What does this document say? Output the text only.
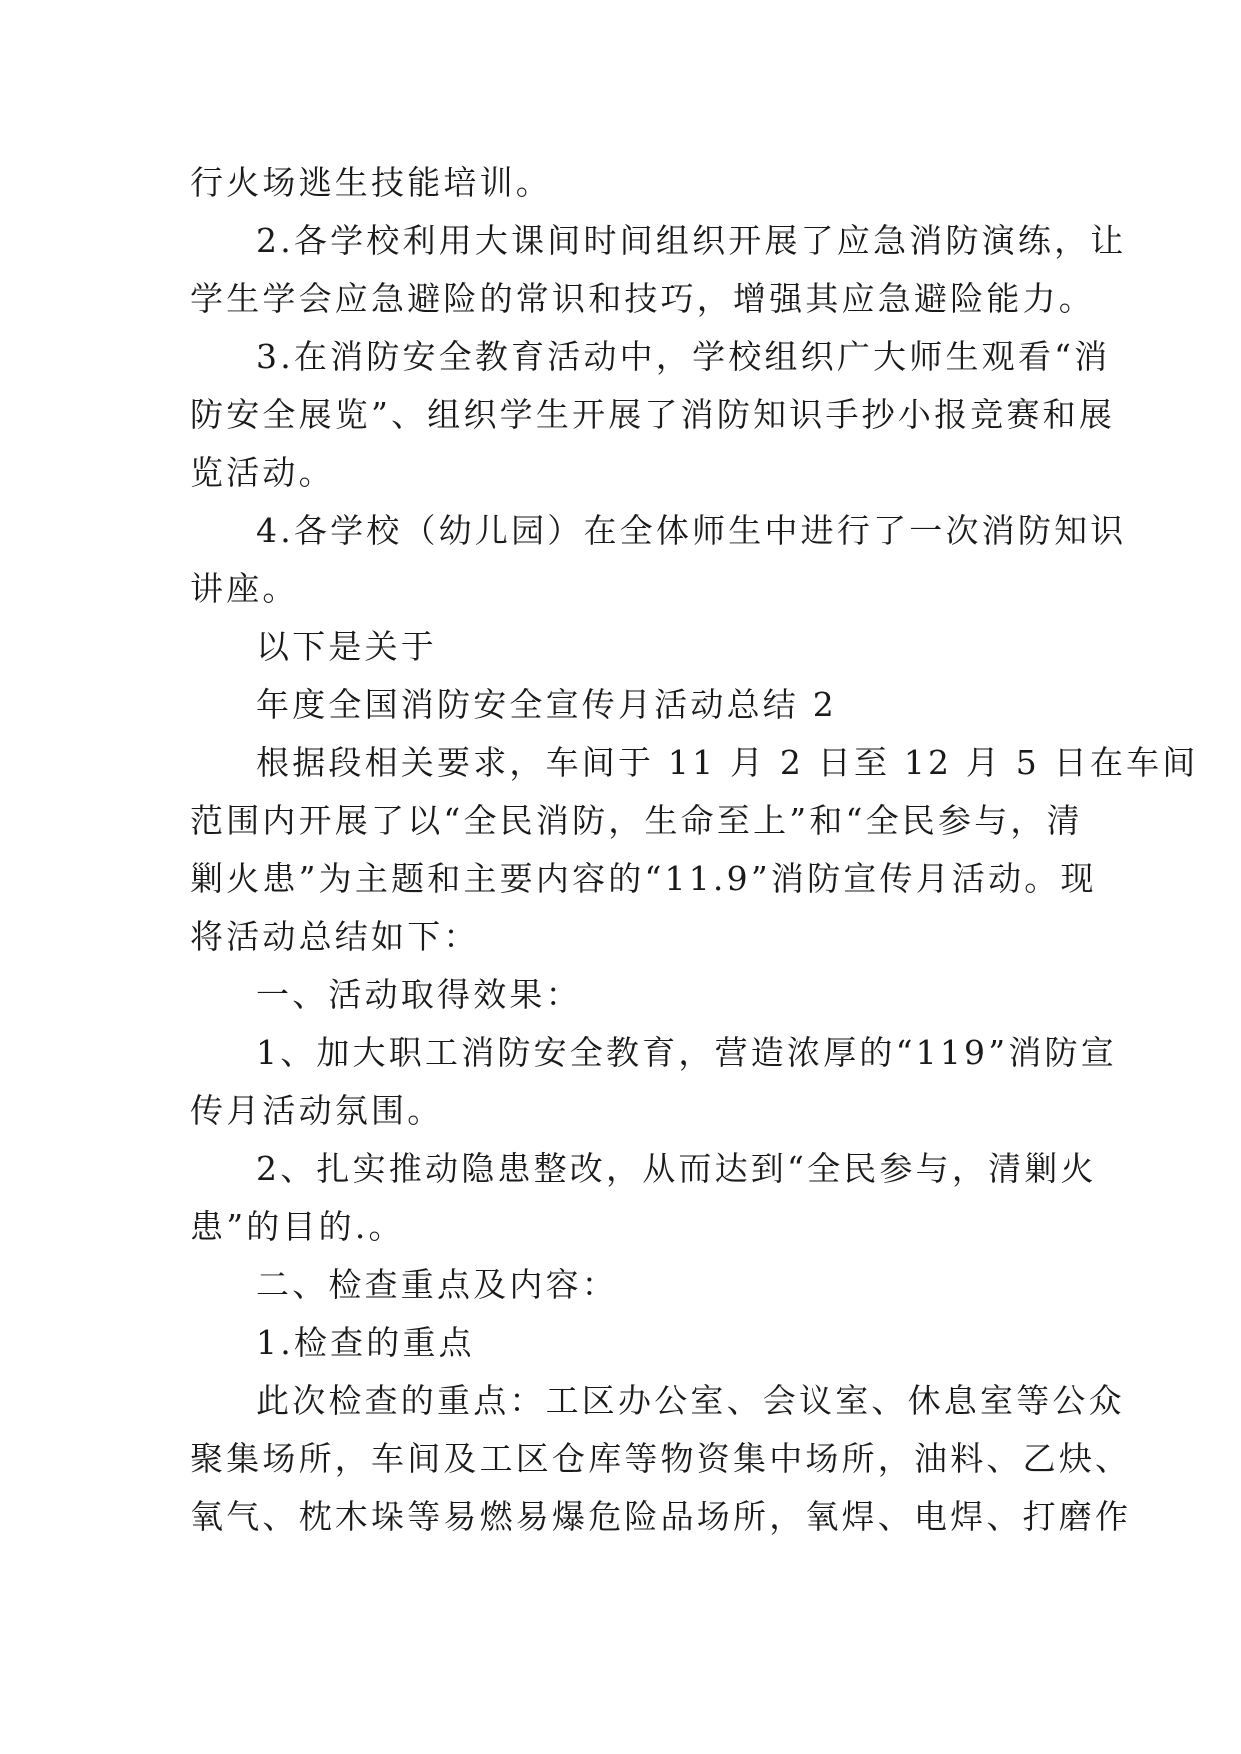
行火场逃生技能培训。
2.各学校利用大课间时间组织开展了应急消防演练，让
学生学会应急避险的常识和技巧，增强其应急避险能力。
3.在消防安全教育活动中，学校组织广大师生观看“消
防安全展览”、组织学生开展了消防知识手抄小报竞赛和展
览活动。
4.各学校（幼儿园）在全体师生中进行了一次消防知识
讲座。
以下是关于
年度全国消防安全宣传月活动总结 2
根据段相关要求，车间于 11 月 2 日至 12 月 5 日在车间
范围内开展了以“全民消防，生命至上”和“全民参与，清
剿火患”为主题和主要内容的“11.9”消防宣传月活动。现
将活动总结如下：
一、活动取得效果：
1、加大职工消防安全教育，营造浓厚的“119”消防宣
传月活动氛围。
2、扎实推动隐患整改，从而达到“全民参与，清剿火
患”的目的.。
二、检查重点及内容：
1.检查的重点
此次检查的重点：工区办公室、会议室、休息室等公众
聚集场所，车间及工区仓库等物资集中场所，油料、乙炔、
氧气、枕木垛等易燃易爆危险品场所，氧焊、电焊、打磨作
